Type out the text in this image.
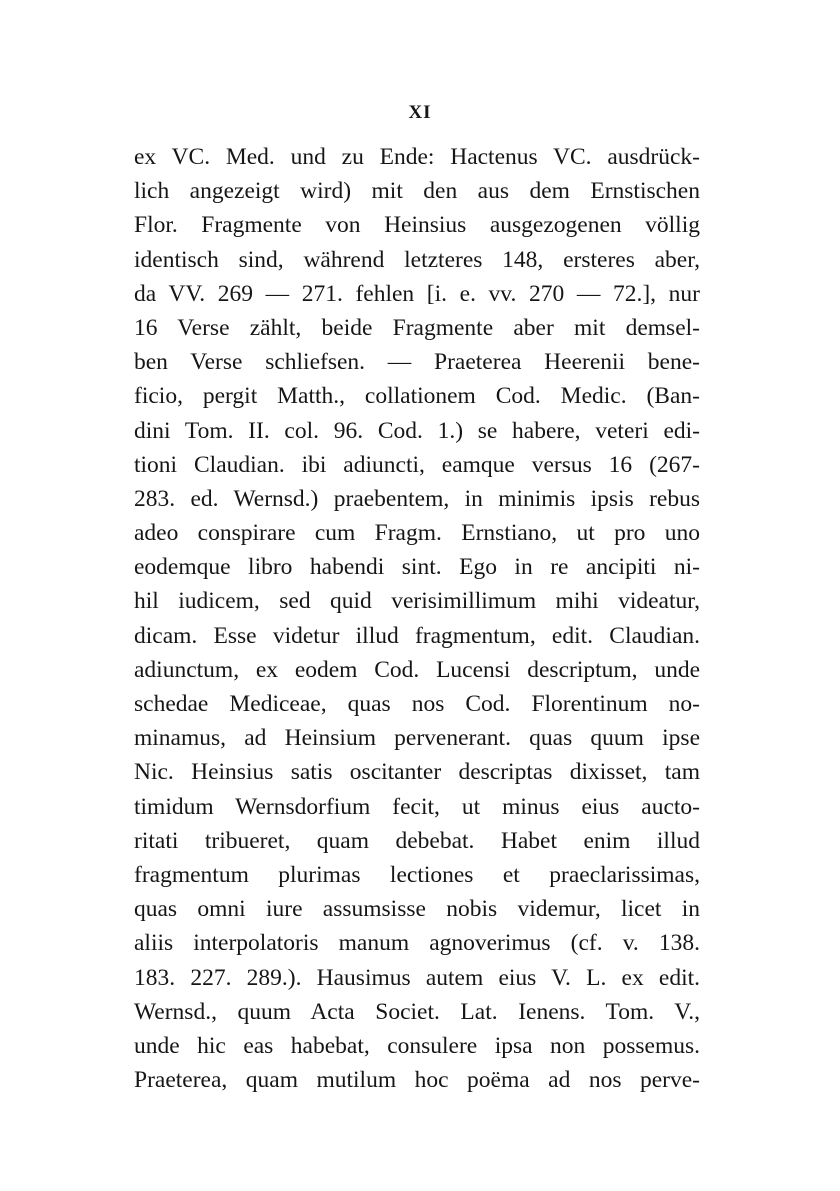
XI
ex VC. Med. und zu Ende: Hactenus VC. ausdrück-
lich angezeigt wird) mit den aus dem Ernstischen
Flor. Fragmente von Heinsius ausgezogenen völlig
identisch sind, während letzteres 148, ersteres aber,
da VV. 269 — 271. fehlen [i. e. vv. 270 — 72.], nur
16 Verse zählt, beide Fragmente aber mit demsel-
ben Verse schliefsen. — Praeterea Heerenii bene-
ficio, pergit Matth., collationem Cod. Medic. (Ban-
dini Tom. II. col. 96. Cod. 1.) se habere, veteri edi-
tioni Claudian. ibi adiuncti, eamque versus 16 (267-
283. ed. Wernsd.) praebentem, in minimis ipsis rebus
adeo conspirare cum Fragm. Ernstiano, ut pro uno
eodemque libro habendi sint. Ego in re ancipiti ni-
hil iudicem, sed quid verisimillimum mihi videatur,
dicam. Esse videtur illud fragmentum, edit. Claudian.
adiunctum, ex eodem Cod. Lucensi descriptum, unde
schedae Mediceae, quas nos Cod. Florentinum no-
minamus, ad Heinsium pervenerant. quas quum ipse
Nic. Heinsius satis oscitanter descriptas dixisset, tam
timidum Wernsdorfium fecit, ut minus eius aucto-
ritati tribueret, quam debebat. Habet enim illud
fragmentum plurimas lectiones et praeclarissimas,
quas omni iure assumsisse nobis videmur, licet in
aliis interpolatoris manum agnoverimus (cf. v. 138.
183. 227. 289.). Hausimus autem eius V. L. ex edit.
Wernsd., quum Acta Societ. Lat. Ienens. Tom. V.,
unde hic eas habebat, consulere ipsa non possemus.
Praeterea, quam mutilum hoc poëma ad nos perve-
